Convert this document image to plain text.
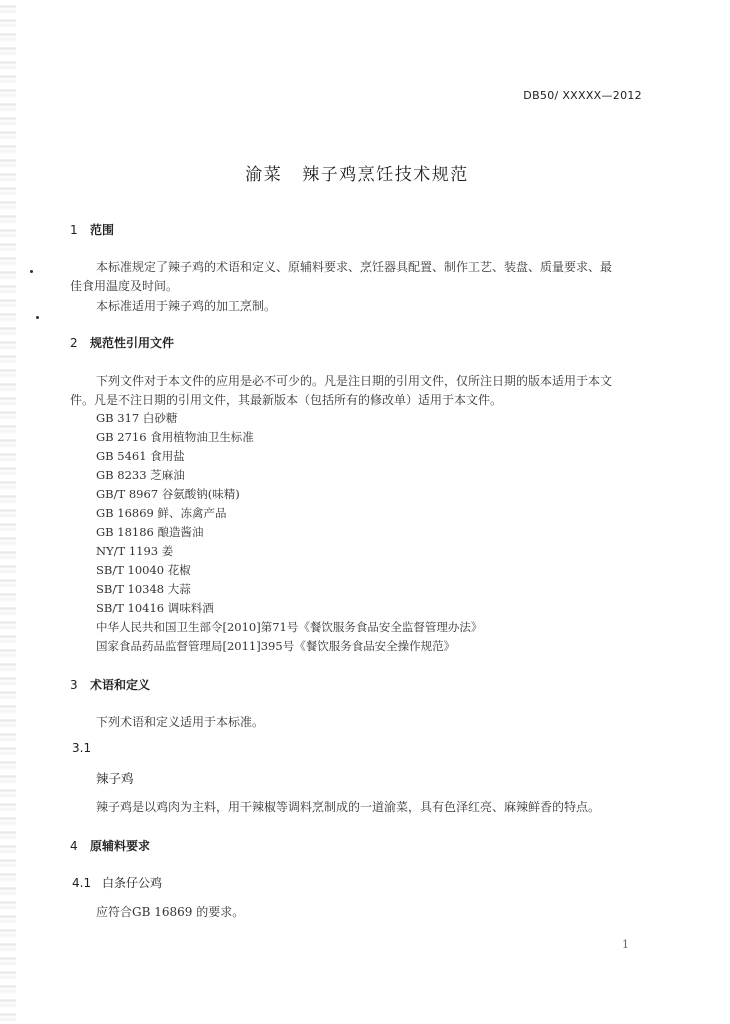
DB50/ XXXXX—2012
渝菜 辣子鸡烹饪技术规范
1 范围
本标准规定了辣子鸡的术语和定义、原辅料要求、烹饪器具配置、制作工艺、装盘、质量要求、最
佳食用温度及时间。
本标准适用于辣子鸡的加工烹制。
2 规范性引用文件
下列文件对于本文件的应用是必不可少的。凡是注日期的引用文件，仅所注日期的版本适用于本文
件。凡是不注日期的引用文件，其最新版本（包括所有的修改单）适用于本文件。
GB 317 白砂糖
GB 2716 食用植物油卫生标准
GB 5461 食用盐
GB 8233 芝麻油
GB/T 8967 谷氨酸钠(味精)
GB 16869 鲜、冻禽产品
GB 18186 酿造酱油
NY/T 1193 姜
SB/T 10040 花椒
SB/T 10348 大蒜
SB/T 10416 调味料酒
中华人民共和国卫生部令[2010]第71号《餐饮服务食品安全监督管理办法》
国家食品药品监督管理局[2011]395号《餐饮服务食品安全操作规范》
3 术语和定义
下列术语和定义适用于本标准。
3.1
辣子鸡
辣子鸡是以鸡肉为主料，用干辣椒等调料烹制成的一道渝菜，具有色泽红亮、麻辣鲜香的特点。
4 原辅料要求
4.1 白条仔公鸡
应符合GB 16869 的要求。
1
